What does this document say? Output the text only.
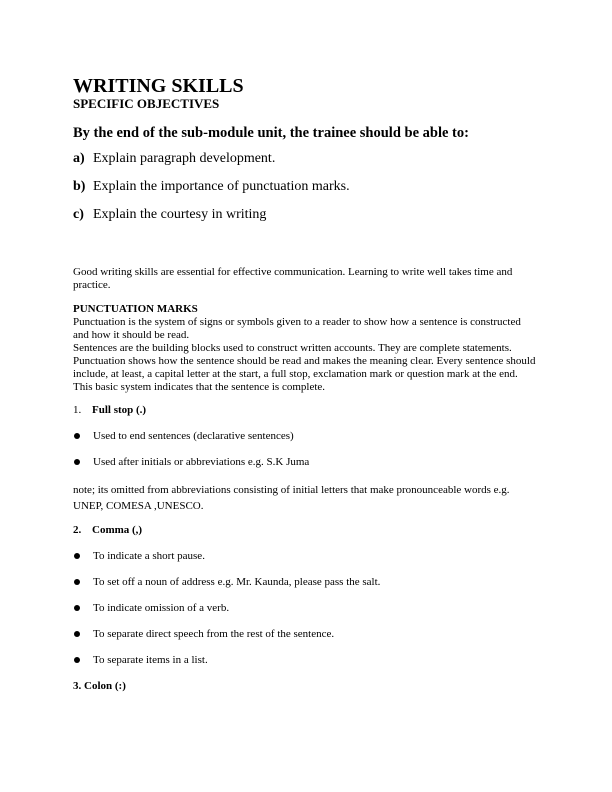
WRITING SKILLS
SPECIFIC OBJECTIVES

By the end of the sub-module unit, the trainee should be able to:

a) Explain paragraph development.
b) Explain the importance of punctuation marks.
c) Explain the courtesy in writing

Good writing skills are essential for effective communication. Learning to write well takes time and practice.

PUNCTUATION MARKS

Punctuation is the system of signs or symbols given to a reader to show how a sentence is constructed and how it should be read.

Sentences are the building blocks used to construct written accounts. They are complete statements. Punctuation shows how the sentence should be read and makes the meaning clear. Every sentence should include, at least, a capital letter at the start, a full stop, exclamation mark or question mark at the end. This basic system indicates that the sentence is complete.

1. Full stop (.)

Used to end sentences (declarative sentences)
Used after initials or abbreviations e.g. S.K Juma

note; its omitted from abbreviations consisting of initial letters that make pronounceable words e.g. UNEP, COMESA ,UNESCO.

2. Comma (,)

To indicate a short pause.
To set off a noun of address e.g. Mr. Kaunda, please pass the salt.
To indicate omission of a verb.
To separate direct speech from the rest of the sentence.
To separate items in a list.

3. Colon (:)
